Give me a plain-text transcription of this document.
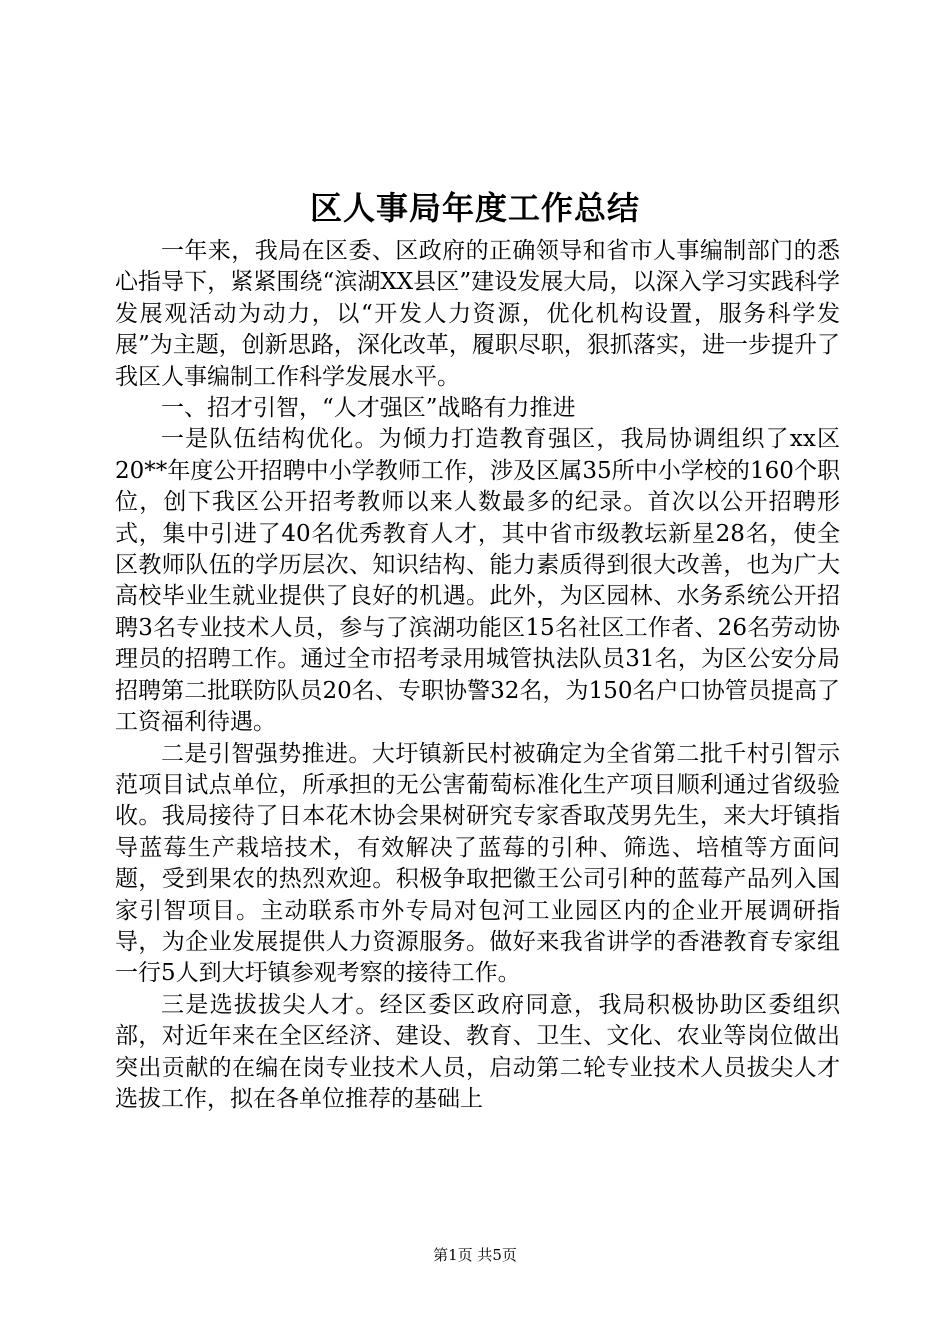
区人事局年度工作总结

一年来，我局在区委、区政府的正确领导和省市人事编制部门的悉心指导下，紧紧围绕“滨湖XX县区”建设发展大局，以深入学习实践科学发展观活动为动力，以“开发人力资源，优化机构设置，服务科学发展”为主题，创新思路，深化改革，履职尽职，狠抓落实，进一步提升了我区人事编制工作科学发展水平。

一、招才引智，“人才强区”战略有力推进

一是队伍结构优化。为倾力打造教育强区，我局协调组织了xx区20**年度公开招聘中小学教师工作，涉及区属35所中小学校的160个职位，创下我区公开招考教师以来人数最多的纪录。首次以公开招聘形式，集中引进了40名优秀教育人才，其中省市级教坛新星28名，使全区教师队伍的学历层次、知识结构、能力素质得到很大改善，也为广大高校毕业生就业提供了良好的机遇。此外，为区园林、水务系统公开招聘3名专业技术人员，参与了滨湖功能区15名社区工作者、26名劳动协理员的招聘工作。通过全市招考录用城管执法队员31名，为区公安分局招聘第二批联防队员20名、专职协警32名，为150名户口协管员提高了工资福利待遇。

二是引智强势推进。大圩镇新民村被确定为全省第二批千村引智示范项目试点单位，所承担的无公害葡萄标准化生产项目顺利通过省级验收。我局接待了日本花木协会果树研究专家香取茂男先生，来大圩镇指导蓝莓生产栽培技术，有效解决了蓝莓的引种、筛选、培植等方面问题，受到果农的热烈欢迎。积极争取把徽王公司引种的蓝莓产品列入国家引智项目。主动联系市外专局对包河工业园区内的企业开展调研指导，为企业发展提供人力资源服务。做好来我省讲学的香港教育专家组一行5人到大圩镇参观考察的接待工作。

三是选拔拔尖人才。经区委区政府同意，我局积极协助区委组织部，对近年来在全区经济、建设、教育、卫生、文化、农业等岗位做出突出贡献的在编在岗专业技术人员，启动第二轮专业技术人员拔尖人才选拔工作，拟在各单位推荐的基础上

第1页 共5页
